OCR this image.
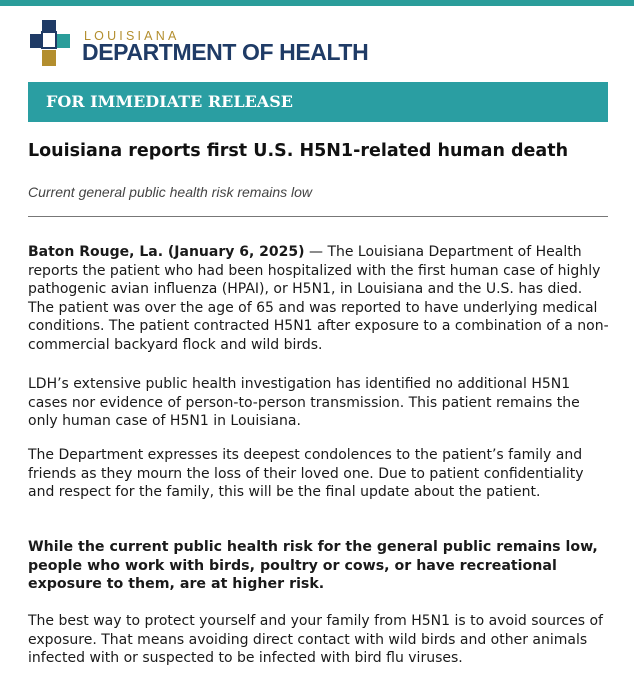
LOUISIANA
DEPARTMENT OF HEALTH
FOR IMMEDIATE RELEASE
Louisiana reports first U.S. H5N1-related human death
Current general public health risk remains low
Baton Rouge, La. (January 6, 2025) — The Louisiana Department of Health reports the patient who had been hospitalized with the first human case of highly pathogenic avian influenza (HPAI), or H5N1, in Louisiana and the U.S. has died. The patient was over the age of 65 and was reported to have underlying medical conditions. The patient contracted H5N1 after exposure to a combination of a non-commercial backyard flock and wild birds.
LDH’s extensive public health investigation has identified no additional H5N1 cases nor evidence of person-to-person transmission. This patient remains the only human case of H5N1 in Louisiana.
The Department expresses its deepest condolences to the patient’s family and friends as they mourn the loss of their loved one. Due to patient confidentiality and respect for the family, this will be the final update about the patient.
While the current public health risk for the general public remains low, people who work with birds, poultry or cows, or have recreational exposure to them, are at higher risk.
The best way to protect yourself and your family from H5N1 is to avoid sources of exposure. That means avoiding direct contact with wild birds and other animals infected with or suspected to be infected with bird flu viruses.
